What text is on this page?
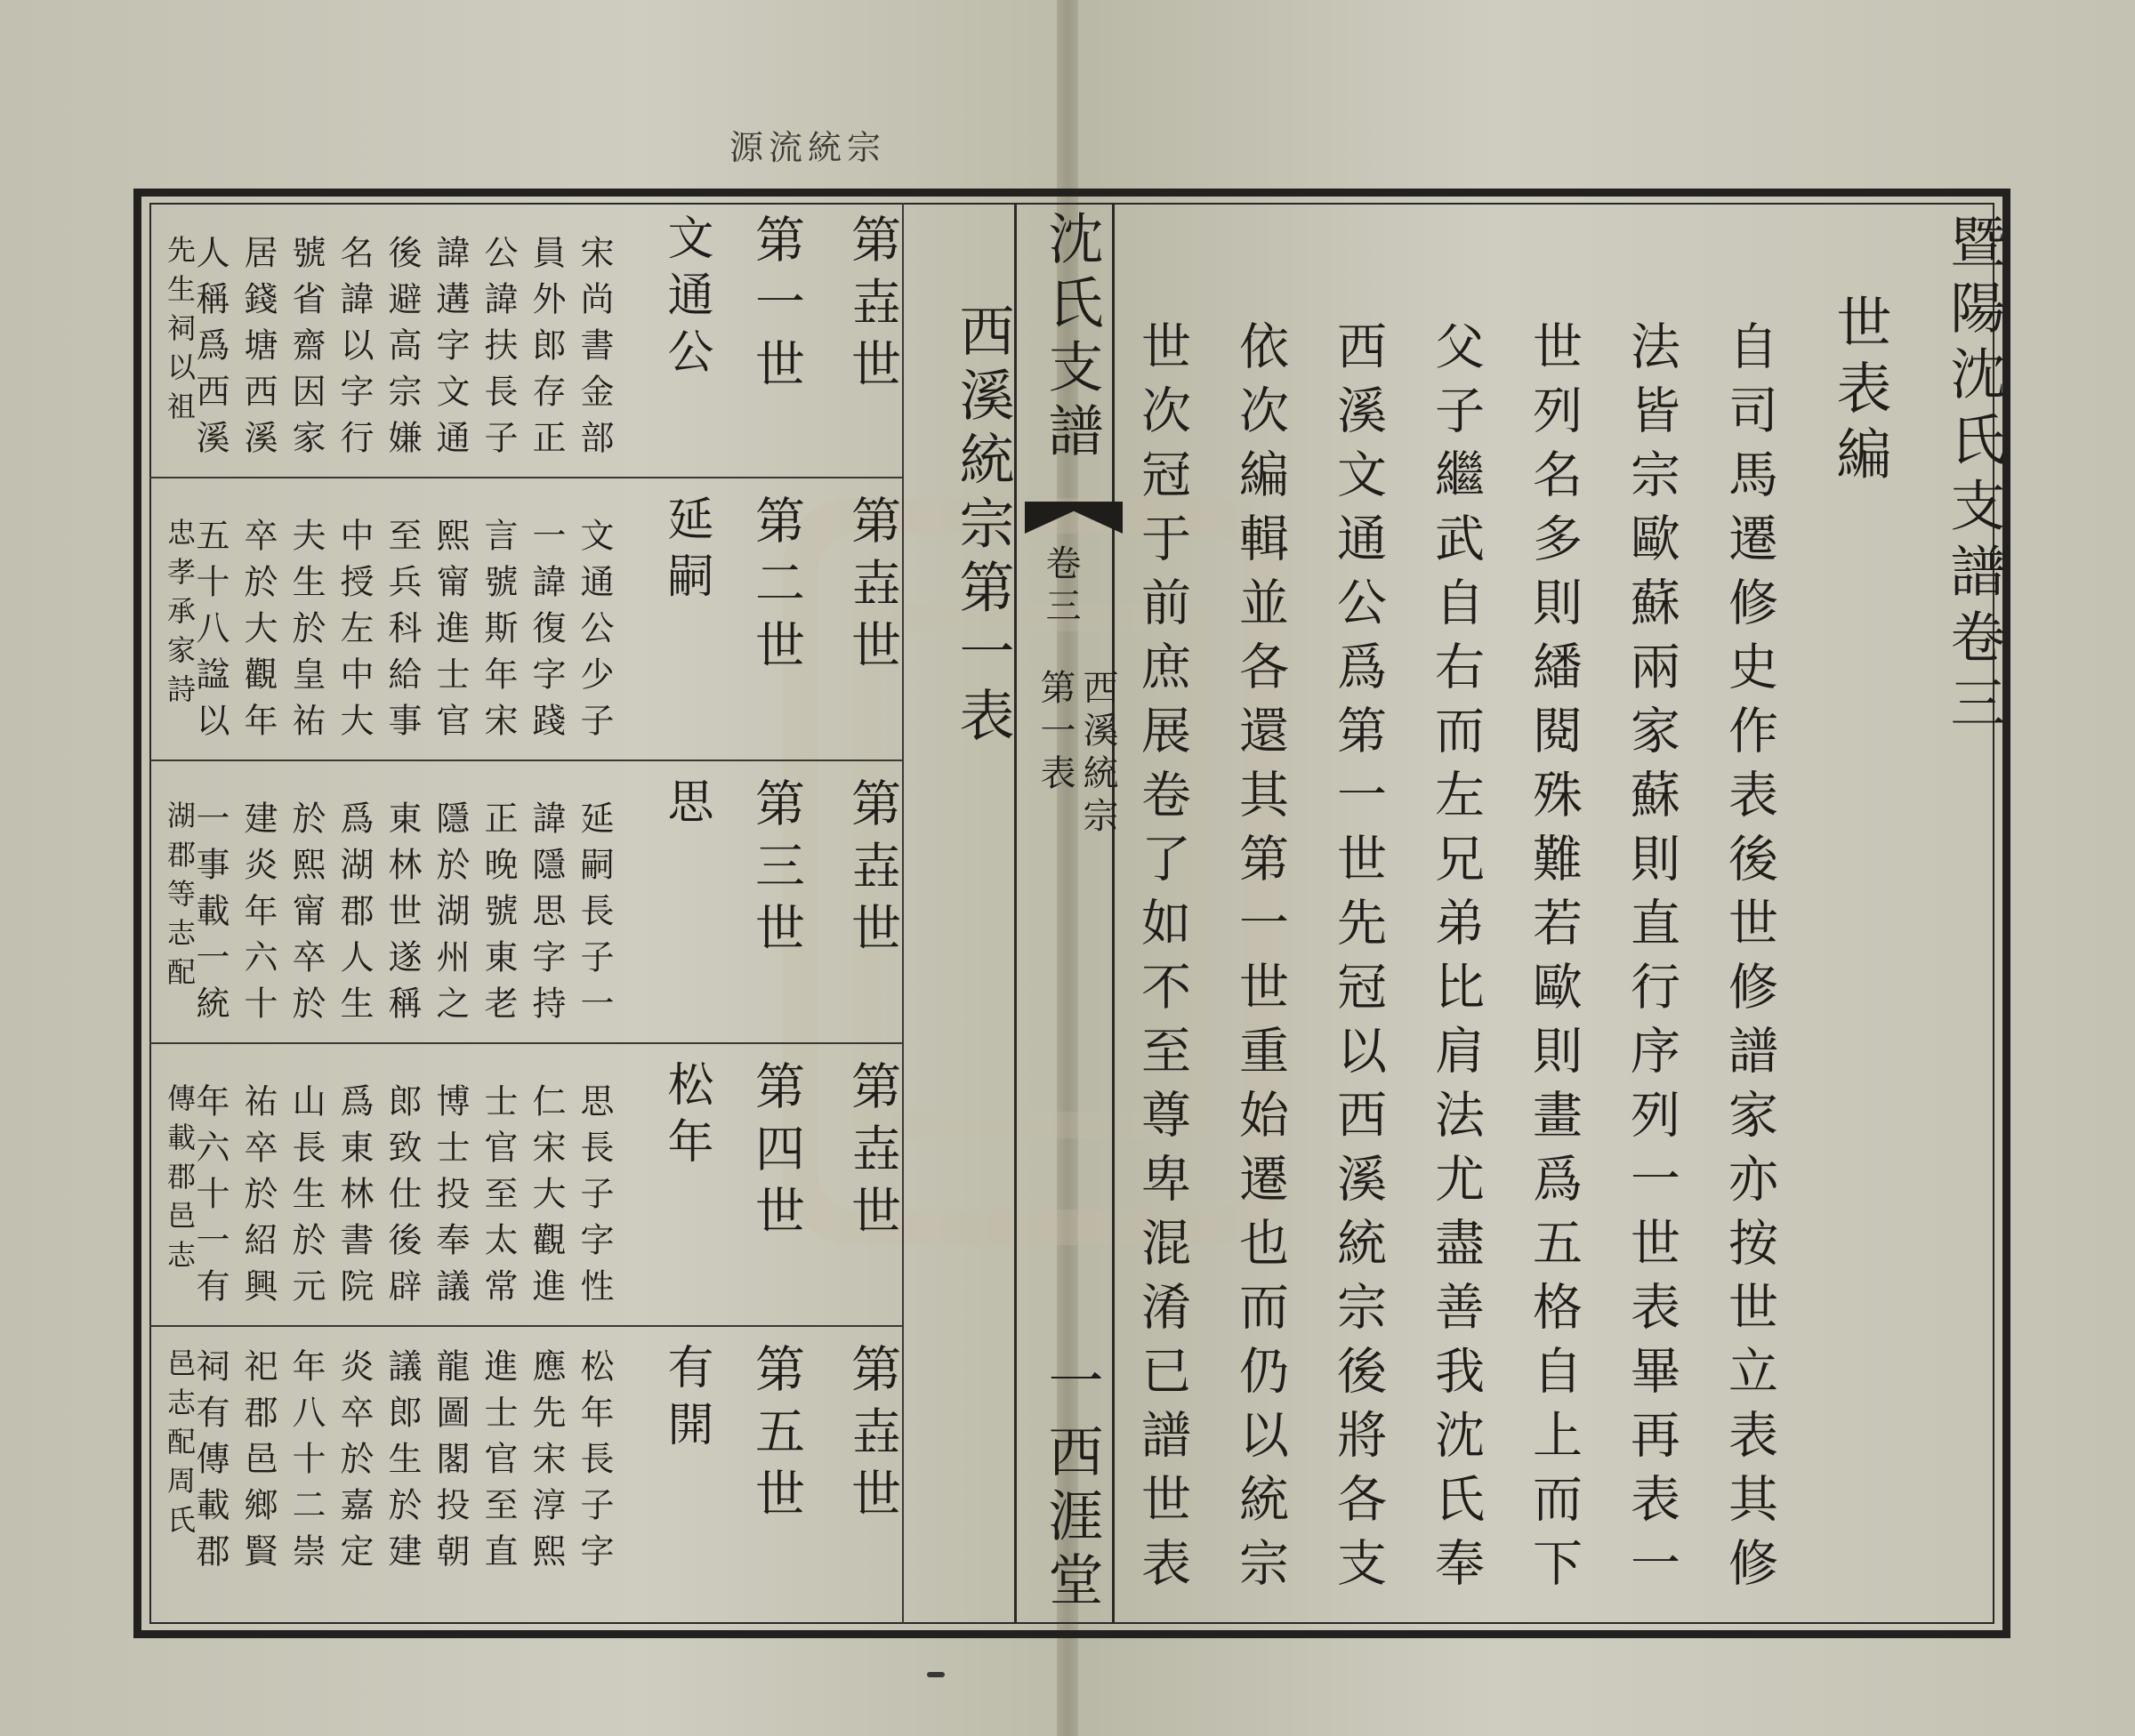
源流統宗
暨陽沈氏支譜卷三
世表編
自司馬遷修史作表後世修譜家亦按世立表其修
法皆宗歐蘇兩家蘇則直行序列一世表畢再表一
世列名多則繙閱殊難若歐則畫爲五格自上而下
父子繼武自右而左兄弟比肩法尤盡善我沈氏奉
西溪文通公爲第一世先冠以西溪統宗後將各支
依次編輯並各還其第一世重始遷也而仍以統宗
世次冠于前庶展卷了如不至尊卑混淆已譜世表
沈氏支譜
卷三
西溪統宗
第一表
一
西涯堂
西溪統宗第一表
第壵世
第一世
文通公
宋尚書金部
員外郎存正
公諱扶長子
諱遘字文通
後避高宗嫌
名諱以字行
號省齋因家
居錢塘西溪
人稱爲西溪
先生祠以祖
第壵世
第二世
延嗣
文通公少子
一諱復字踐
言號斯年宋
熙甯進士官
至兵科給事
中授左中大
夫生於皇祐
卒於大觀年
五十八諡以
忠孝承家詩
第壵世
第三世
思
延嗣長子一
諱隱思字持
正晚號東老
隱於湖州之
東林世遂稱
爲湖郡人生
於熙甯卒於
建炎年六十
一事載一統
湖郡等志配
第壵世
第四世
松年
思長子字性
仁宋大觀進
士官至太常
博士投奉議
郎致仕後辟
爲東林書院
山長生於元
祐卒於紹興
年六十一有
傳載郡邑志
第壵世
第五世
有開
松年長子字
應先宋淳熙
進士官至直
龍圖閣投朝
議郎生於建
炎卒於嘉定
年八十二崇
祀郡邑鄉賢
祠有傳載郡
邑志配周氏
